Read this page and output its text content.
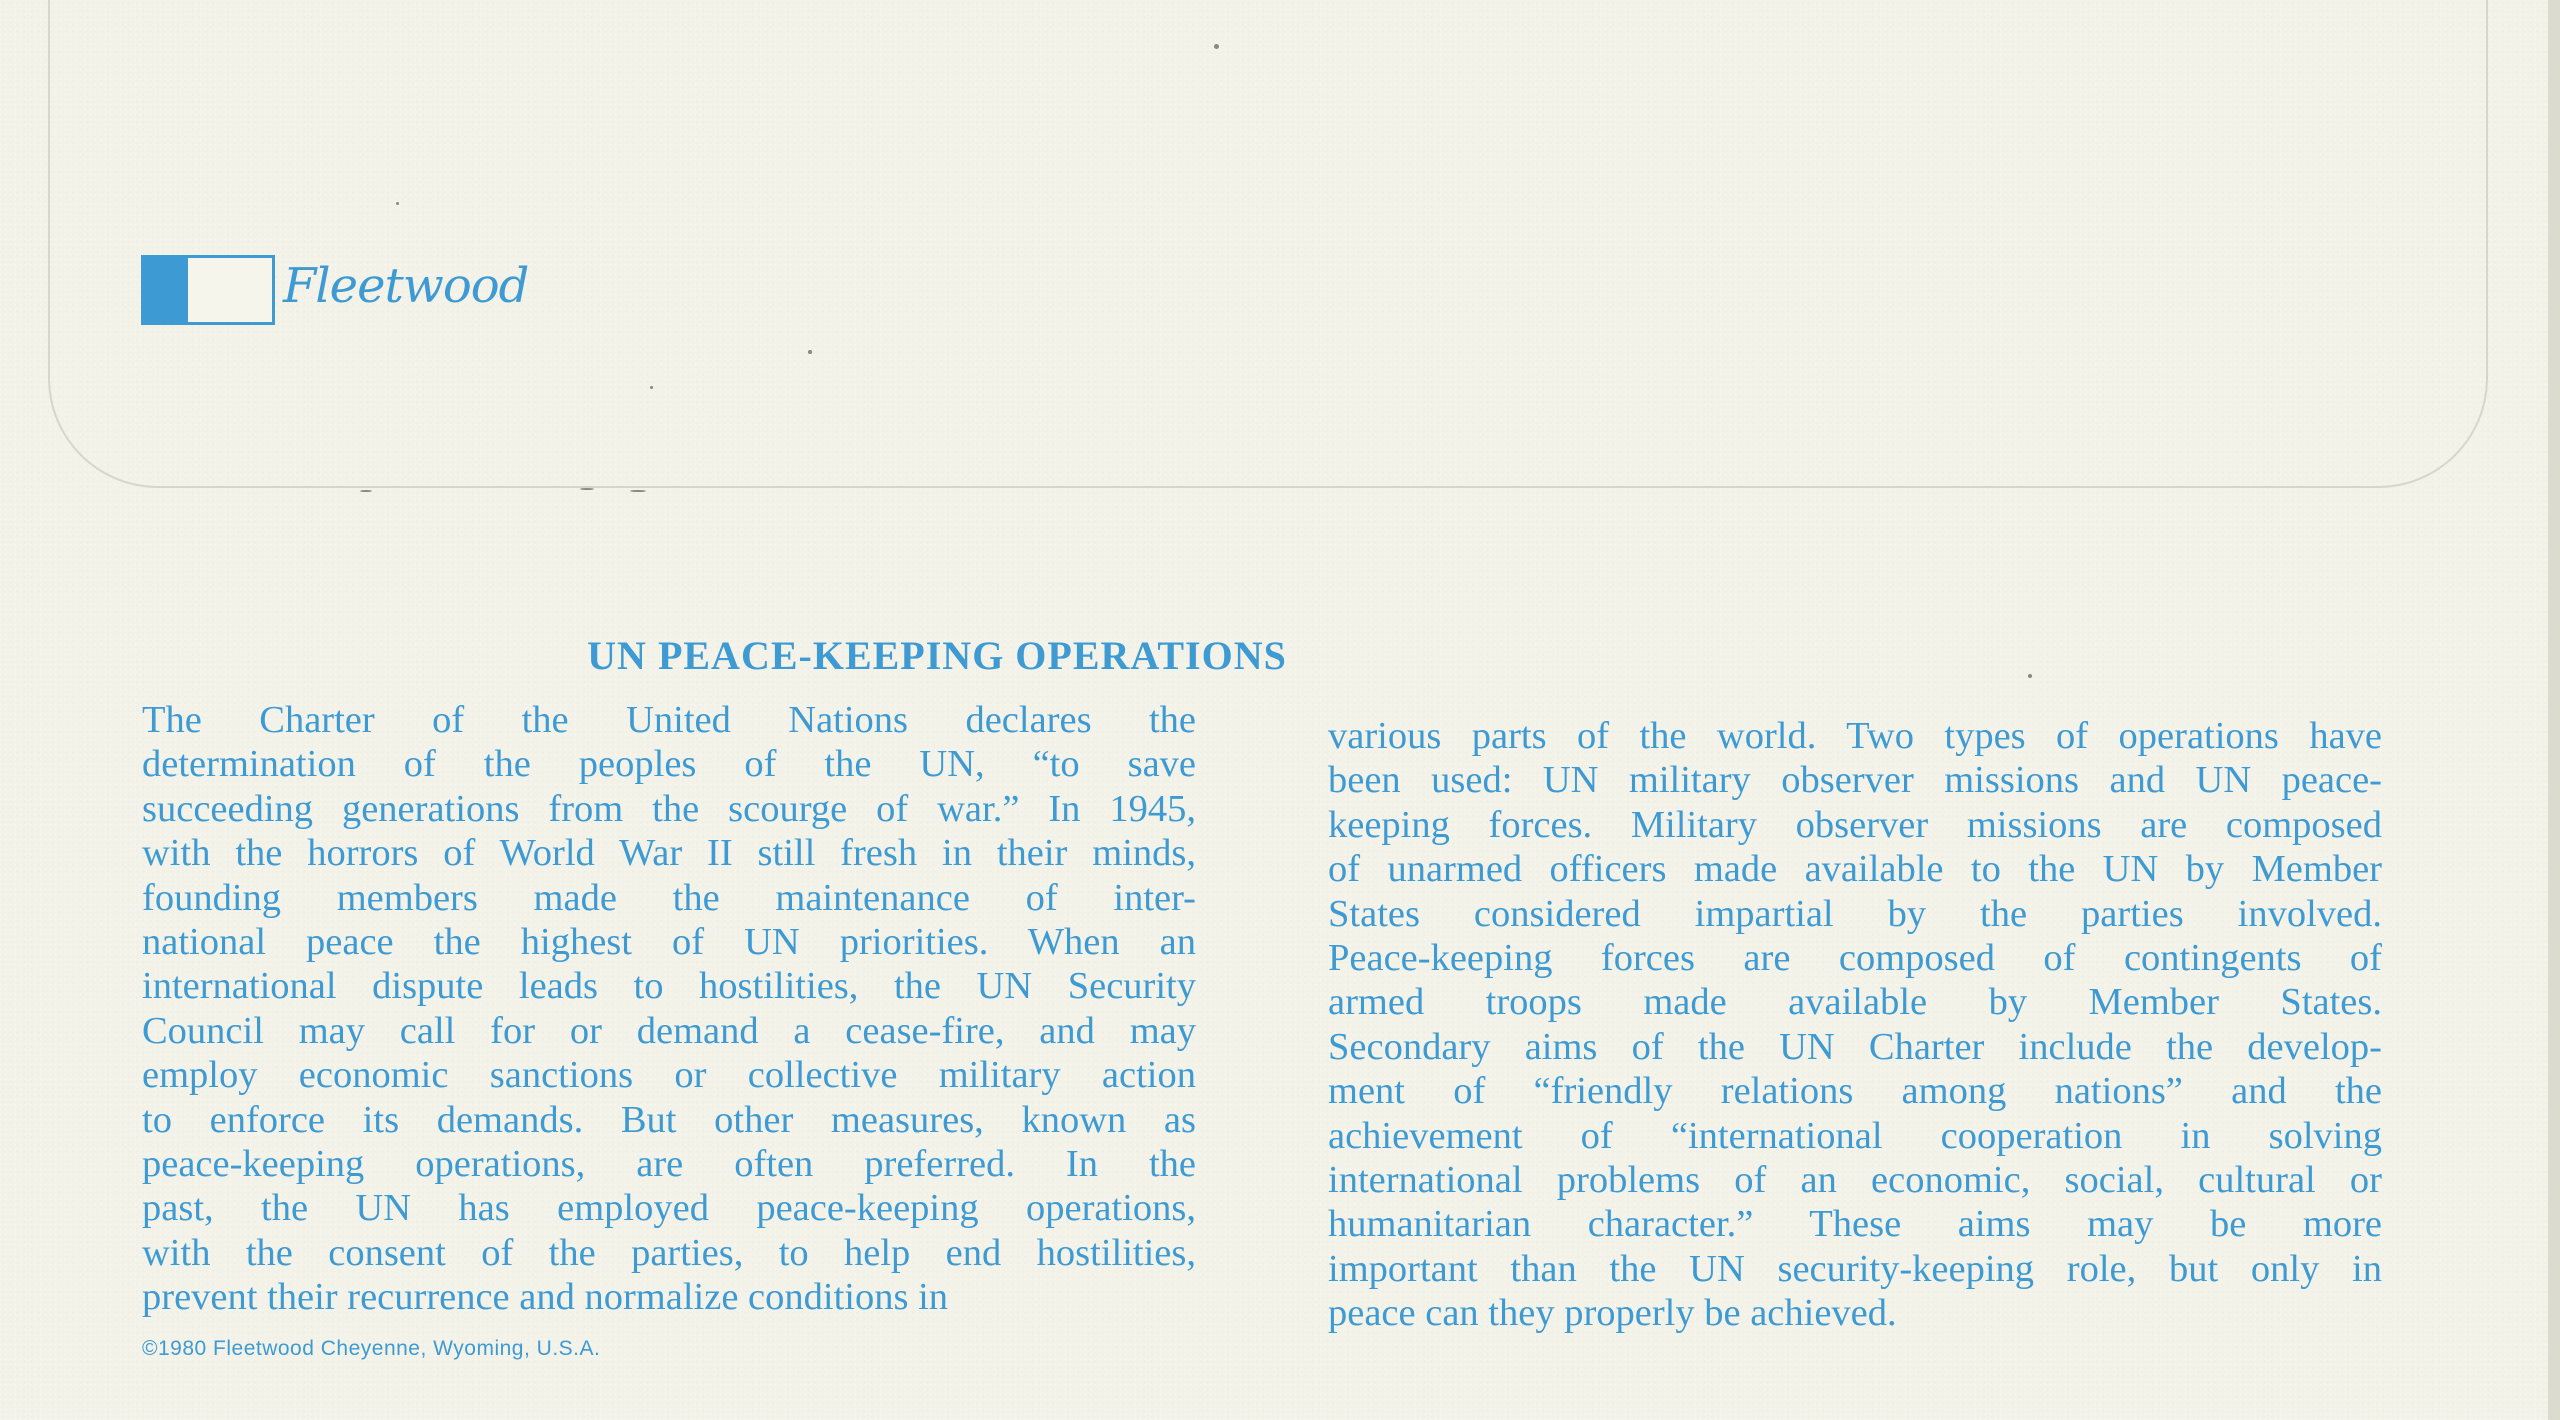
Fleetwood
UN PEACE-KEEPING OPERATIONS
The Charter of the United Nations declares the
determination of the peoples of the UN, “to save
succeeding generations from the scourge of war.” In 1945,
with the horrors of World War II still fresh in their minds,
founding members made the maintenance of inter-
national peace the highest of UN priorities. When an
international dispute leads to hostilities, the UN Security
Council may call for or demand a cease-fire, and may
employ economic sanctions or collective military action
to enforce its demands. But other measures, known as
peace-keeping operations, are often preferred. In the
past, the UN has employed peace-keeping operations,
with the consent of the parties, to help end hostilities,
prevent their recurrence and normalize conditions in
various parts of the world. Two types of operations have
been used: UN military observer missions and UN peace-
keeping forces. Military observer missions are composed
of unarmed officers made available to the UN by Member
States considered impartial by the parties involved.
Peace-keeping forces are composed of contingents of
armed troops made available by Member States.
Secondary aims of the UN Charter include the develop-
ment of “friendly relations among nations” and the
achievement of “international cooperation in solving
international problems of an economic, social, cultural or
humanitarian character.” These aims may be more
important than the UN security-keeping role, but only in
peace can they properly be achieved.
©1980 Fleetwood Cheyenne, Wyoming, U.S.A.
